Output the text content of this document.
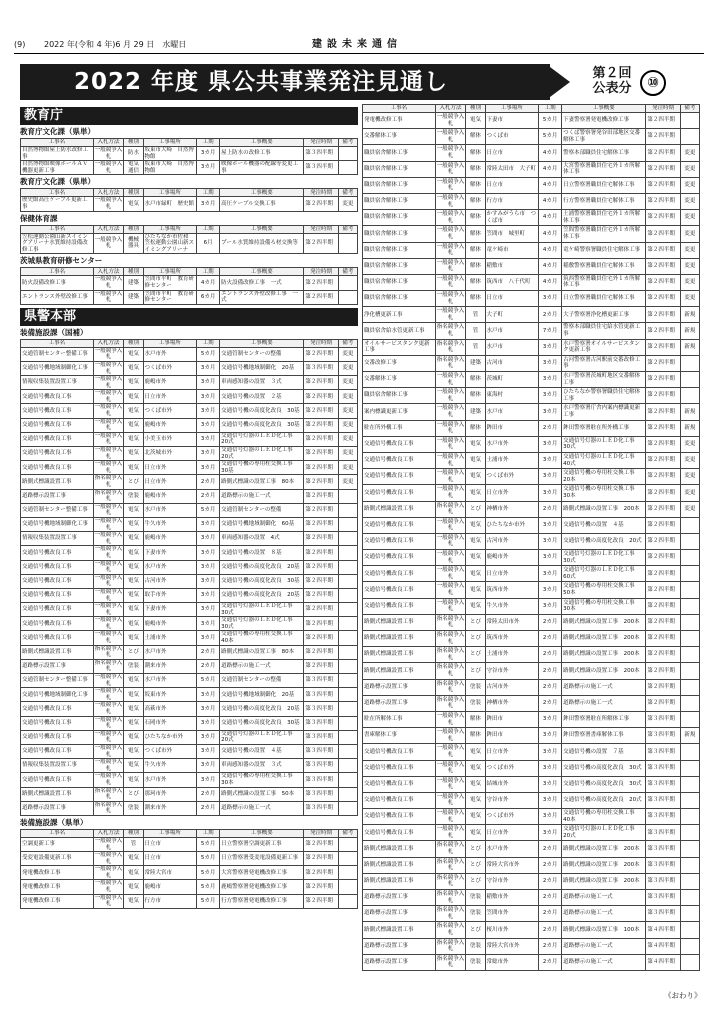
(9) 2022 年(令和 4 年)6 月 29 日　水曜日	建設未来通信
2022 年度 県公共事業発注見通し	第２回
公表分	⑩
教育庁
教育庁文化課（県単）
工事名	入札方法	種別	工事場所	工期	工事概要	発注時期	備考
自然博物館屋上防水改修工事	一般競争入札	防水	坂東市大崎　自然博物館	3カ月	屋上防水の改修工事	第３四半期	
自然博物館映像ホールＡＶ機器更新工事	一般競争入札	電気通信	坂東市大崎　自然博物館	3カ月	映像ホール機器の配線等変更工事	第３四半期	
教育庁文化課（県単）
工事名	入札方法	種別	工事場所	工期	工事概要	発注時期	備考
歴史館高圧ケーブル更新工事	一般競争入札	電気	水戸市緑町　歴史館	3カ月	高圧ケーブル交換工事	第２四半期	変更
保健体育課
工事名	入札方法	種別	工事場所	工期	工事概要	発注時期	備考
笠松運動公園山新スイミングアリーナ水質維持設備改修工事	一般競争入札	機械器具	ひたちなか市佐和　笠松運動公園山新スイミングアリーナ	6月	プール水質維持設備ろ材交換等	第２四半期	
茨城県教育研修センター
工事名	入札方法	種別	工事場所	工期	工事概要	発注時期	備考
防火設備改修工事	一般競争入札	建築	笠間市平町　教育研修センター	4カ月	防火設備改修工事　一式	第２四半期	
エントランス外壁改修工事	一般競争入札	建築	笠間市平町　教育研修センター	6カ月	エントランス外壁改修工事　一式	第２四半期	
県警本部
装備施設課（国補）
工事名	入札方法	種別	工事場所	工期	工事概要	発注時期	備考
交通管制センター整備工事	一般競争入札	電気	水戸市外	5カ月	交通管制センターの整備	第２四半期	変更
交通信号機地域制御化工事	一般競争入札	電気	つくば市外	3カ月	交通信号機地域制御化　20基	第３四半期	変更
情報収集装置設置工事	一般競争入札	電気	鹿嶋市外	3カ月	車両感知器の設置　３式	第２四半期	変更
交通信号機改良工事	一般競争入札	電気	日立市外	3カ月	交通信号機の設置　２基	第２四半期	変更
交通信号機改良工事	一般競争入札	電気	つくば市外	3カ月	交通信号機の高度化改良　30基	第２四半期	変更
交通信号機改良工事	一般競争入札	電気	鹿嶋市外	3カ月	交通信号機の高度化改良　30基	第２四半期	変更
交通信号機改良工事	一般競争入札	電気	小美玉市外	3カ月	交通信号灯器のＬＥＤ化工事　20式	第２四半期	変更
交通信号機改良工事	一般競争入札	電気	北茨城市外	3カ月	交通信号灯器のＬＥＤ化工事　20式	第２四半期	変更
交通信号機改良工事	一般競争入札	電気	日立市外	3カ月	交通信号機の専用柱交換工事　30基	第２四半期	変更
路側式標識設置工事	指名競争入札	とび	日立市外	2カ月	路側式標識の設置工事　80本	第２四半期	変更
道路標示設置工事	指名競争入札	塗装	鹿嶋市外	2カ月	道路標示の施工一式	第２四半期	
交通管制センター整備工事	一般競争入札	電気	水戸市外	5カ月	交通管制センターの整備	第２四半期	
交通信号機地域制御化工事	一般競争入札	電気	牛久市外	3カ月	交通信号機地域制御化　60基	第２四半期	
情報収集装置設置工事	一般競争入札	電気	鹿嶋市外	3カ月	車両感知器の設置　4式	第２四半期	
交通信号機改良工事	一般競争入札	電気	下妻市外	3カ月	交通信号機の設置　８基	第２四半期	
交通信号機改良工事	一般競争入札	電気	水戸市外	3カ月	交通信号機の高度化改良　20基	第２四半期	
交通信号機改良工事	一般競争入札	電気	古河市外	3カ月	交通信号機の高度化改良　30基	第２四半期	
交通信号機改良工事	一般競争入札	電気	取手市外	3カ月	交通信号機の高度化改良　20基	第２四半期	
交通信号機改良工事	一般競争入札	電気	下妻市外	3カ月	交通信号灯器のＬＥＤ化工事　30式	第２四半期	
交通信号機改良工事	一般競争入札	電気	鹿嶋市外	3カ月	交通信号灯器のＬＥＤ化工事　30式	第２四半期	
交通信号機改良工事	一般競争入札	電気	土浦市外	3カ月	交通信号機の専用柱交換工事　40本	第２四半期	
路側式標識設置工事	指名競争入札	とび	水戸市外	2カ月	路側式標識の設置工事　80本	第２四半期	
道路標示設置工事	指名競争入札	塗装	潮来市外	2カ月	道路標示の施工一式	第２四半期	
交通管制センター整備工事	一般競争入札	電気	水戸市外	5カ月	交通管制センターの整備	第３四半期	
交通信号機地域制御化工事	一般競争入札	電気	坂東市外	3カ月	交通信号機地域制御化　20基	第３四半期	
交通信号機改良工事	一般競争入札	電気	高萩市外	3カ月	交通信号機の高度化改良　20基	第３四半期	
交通信号機改良工事	一般競争入札	電気	石岡市外	3カ月	交通信号機の高度化改良　30基	第３四半期	
交通信号機改良工事	一般競争入札	電気	ひたちなか市外	3カ月	交通信号灯器のＬＥＤ化工事　20式	第３四半期	
交通信号機改良工事	一般競争入札	電気	つくば市外	3カ月	交通信号機の設置　４基	第３四半期	
情報収集装置設置工事	一般競争入札	電気	牛久市外	3カ月	車両感知器の設置　３式	第３四半期	
交通信号機改良工事	一般競争入札	電気	水戸市外	3カ月	交通信号機の専用柱交換工事　30本	第３四半期	
路側式標識設置工事	指名競争入札	とび	那珂市外	2カ月	路側式標識の設置工事　50本	第３四半期	
道路標示設置工事	指名競争入札	塗装	潮来市外	2カ月	道路標示の施工一式	第３四半期	
装備施設課（県単）
工事名	入札方法	種別	工事場所	工期	工事概要	発注時期	備考
空調更新工事	一般競争入札	管	日立市	5カ月	日立警察署空調更新工事	第２四半期	
受変電設備更新工事	一般競争入札	電気	日立市	5カ月	日立警察署受変電設備更新工事	第２四半期	
発電機改修工事	一般競争入札	電気	常陸大宮市	5カ月	大宮警察署発電機改修工事	第２四半期	
発電機改修工事	一般競争入札	電気	鹿嶋市	5カ月	鹿嶋警察署発電機改修工事	第２四半期	
発電機改修工事	一般競争入札	電気	行方市	5カ月	行方警察署発電機改修工事	第２四半期	
工事名	入札方法	種別	工事場所	工期	工事概要	発注時期	備考
発電機改修工事	一般競争入札	電気	下妻市	5カ月	下妻警察署発電機改修工事	第２四半期	
交番解体工事	一般競争入札	解体	つくば市	5カ月	つくば警察署発谷田部地区交番解体工事	第２四半期	
職員宿舎解体工事	一般競争入札	解体	日立市	4カ月	警察本部職員住宅解体工事	第２四半期	変更
職員宿舎解体工事	一般競争入札	解体	常陸太田市　大子町	4カ月	大宮警察署職員住宅外１カ所解体工事	第２四半期	変更
職員宿舎解体工事	一般競争入札	解体	日立市	4カ月	日立警察署職員住宅解体工事	第２四半期	変更
職員宿舎解体工事	一般競争入札	解体	行方市	4カ月	行方警察署職員住宅解体工事	第２四半期	変更
職員宿舎解体工事	一般競争入札	解体	かすみがうら市　つくば市	4カ月	土浦警察署職員住宅外１カ所解体工事	第２四半期	変更
職員宿舎解体工事	一般競争入札	解体	笠間市　城里町	4カ月	笠間警察署職員住宅外１カ所解体工事	第２四半期	変更
職員宿舎解体工事	一般競争入札	解体	竜ケ崎市	4カ月	竜ケ崎警察署職員住宅解体工事	第２四半期	変更
職員宿舎解体工事	一般競争入札	解体	稲敷市	4カ月	稲敷警察署職員住宅解体工事	第２四半期	変更
職員宿舎解体工事	一般競争入札	解体	筑西市　八千代町	4カ月	筑西警察署職員住宅外１カ所解体工事	第２四半期	変更
職員宿舎解体工事	一般競争入札	解体	日立市	3カ月	日立警察署職員住宅解体工事	第２四半期	変更
浄化槽更新工事	一般競争入札	管	大子町	2カ月	大子警察署浄化槽更新工事	第２四半期	新規
職員宿舎給水管更新工事	指名競争入札	管	水戸市	7カ月	警察本部職員住宅給水管更新工事	第２四半期	新規
オイルサービスタンク更新工事	指名競争入札	管	水戸市	3カ月	水戸警察署オイルサービスタンク更新工事	第２四半期	新規
交番改修工事	指名競争入札	建築	古河市	3カ月	古河警察署古河駅前交番改修工事	第２四半期	
交番解体工事	一般競争入札	解体	茨城町	3カ月	水戸警察署茨城町地区交番解体工事	第２四半期	
職員宿舎解体工事	一般競争入札	解体	東海村	3カ月	ひたちなか警察署職員住宅解体工事	第２四半期	
案内標識更新工事	一般競争入札	建築	水戸市	3カ月	水戸警察署庁舎内案内標識更新工事	第２四半期	新規
駐在所外構工事	一般競争入札	解体	鉾田市	2カ月	鉾田警察署駐在所外構工事	第２四半期	新規
交通信号機改良工事	一般競争入札	電気	水戸市外	3カ月	交通信号灯器のＬＥＤ化工事　30式	第２四半期	変更
交通信号機改良工事	一般競争入札	電気	土浦市外	3カ月	交通信号灯器のＬＥＤ化工事　40式	第２四半期	変更
交通信号機改良工事	一般競争入札	電気	つくば市外	3カ月	交通信号機の専用柱交換工事　20本	第２四半期	変更
交通信号機改良工事	一般競争入札	電気	日立市外	3カ月	交通信号機の専用柱交換工事　30本	第２四半期	変更
路側式標識設置工事	指名競争入札	とび	神栖市外	2カ月	路側式標識の設置工事　200本	第２四半期	変更
交通信号機改良工事	一般競争入札	電気	ひたちなか市外	3カ月	交通信号機の設置　４基	第２四半期	
交通信号機改良工事	一般競争入札	電気	古河市外	3カ月	交通信号機の高度化改良　20式	第２四半期	
交通信号機改良工事	一般競争入札	電気	鹿嶋市外	3カ月	交通信号灯器のＬＥＤ化工事　30式	第２四半期	
交通信号機改良工事	一般競争入札	電気	日立市外	3カ月	交通信号灯器のＬＥＤ化工事　60式	第２四半期	
交通信号機改良工事	一般競争入札	電気	筑西市外	3カ月	交通信号機の専用柱交換工事　50本	第２四半期	
交通信号機改良工事	一般競争入札	電気	牛久市外	3カ月	交通信号機の専用柱交換工事　30本	第２四半期	
路側式標識設置工事	指名競争入札	とび	常陸太田市外	2カ月	路側式標識の設置工事　200本	第２四半期	
路側式標識設置工事	指名競争入札	とび	筑西市外	2カ月	路側式標識の設置工事　200本	第２四半期	
路側式標識設置工事	指名競争入札	とび	土浦市外	2カ月	路側式標識の設置工事　200本	第２四半期	
路側式標識設置工事	指名競争入札	とび	守谷市外	2カ月	路側式標識の設置工事　200本	第２四半期	
道路標示設置工事	指名競争入札	塗装	古河市外	2カ月	道路標示の施工一式	第２四半期	
道路標示設置工事	指名競争入札	塗装	神栖市外	2カ月	道路標示の施工一式	第２四半期	
駐在所解体工事	一般競争入札	解体	鉾田市	3カ月	鉾田警察署駐在所解体工事	第３四半期	
書庫解体工事	一般競争入札	解体	鉾田市	3カ月	鉾田警察署書庫解体工事	第３四半期	新規
交通信号機改良工事	一般競争入札	電気	日立市外	3カ月	交通信号機の設置　７基	第３四半期	
交通信号機改良工事	一般競争入札	電気	つくば市外	3カ月	交通信号機の高度化改良　30式	第３四半期	
交通信号機改良工事	一般競争入札	電気	結城市外	3カ月	交通信号機の高度化改良　30式	第３四半期	
交通信号機改良工事	一般競争入札	電気	守谷市外	3カ月	交通信号機の高度化改良　20式	第３四半期	
交通信号機改良工事	一般競争入札	電気	つくば市外	3カ月	交通信号機の専用柱交換工事　40本	第３四半期	
交通信号機改良工事	一般競争入札	電気	日立市外	3カ月	交通信号灯器のＬＥＤ化工事　20式	第３四半期	
路側式標識設置工事	指名競争入札	とび	水戸市外	2カ月	路側式標識の設置工事　200本	第３四半期	
路側式標識設置工事	指名競争入札	とび	常陸大宮市外	2カ月	路側式標識の設置工事　200本	第３四半期	
路側式標識設置工事	指名競争入札	とび	守谷市外	2カ月	路側式標識の設置工事　200本	第３四半期	
道路標示設置工事	指名競争入札	塗装	稲敷市外	2カ月	道路標示の施工一式	第３四半期	
道路標示設置工事	指名競争入札	塗装	笠間市外	2カ月	道路標示の施工一式	第３四半期	
路側式標識設置工事	指名競争入札	とび	桜川市外	2カ月	路側式標識の設置工事　100本	第４四半期	
道路標示設置工事	指名競争入札	塗装	常陸大宮市外	2カ月	道路標示の施工一式	第４四半期	
道路標示設置工事	指名競争入札	塗装	常総市外	2カ月	道路標示の施工一式	第４四半期	
《おわり》
